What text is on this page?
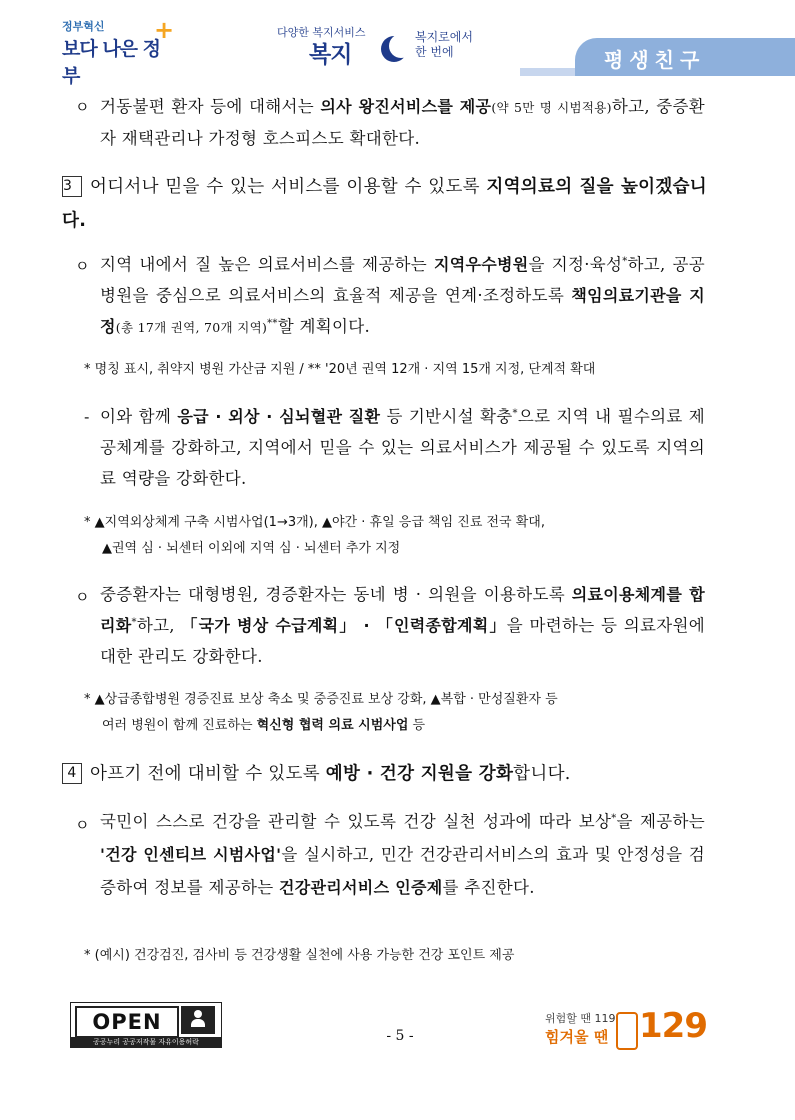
정부혁신
보다 나은 정부
+	다양한 복지서비스
복지
복지로에서 한 번에	평생친구
ㅇ 거동불편 환자 등에 대해서는 의사 왕진서비스를 제공(약 5만 명 시범적용)하고, 중증환자 재택관리나 가정형 호스피스도 확대한다.
3 어디서나 믿을 수 있는 서비스를 이용할 수 있도록 지역의료의 질을 높이겠습니다.
ㅇ 지역 내에서 질 높은 의료서비스를 제공하는 지역우수병원을 지정·육성*하고, 공공병원을 중심으로 의료서비스의 효율적 제공을 연계·조정하도록 책임의료기관을 지정(총 17개 권역, 70개 지역)**할 계획이다.
* 명칭 표시, 취약지 병원 가산금 지원 / ** '20년 권역 12개 · 지역 15개 지정, 단계적 확대
- 이와 함께 응급 · 외상 · 심뇌혈관 질환 등 기반시설 확충*으로 지역 내 필수의료 제공체계를 강화하고, 지역에서 믿을 수 있는 의료서비스가 제공될 수 있도록 지역의료 역량을 강화한다.
* ▲지역외상체계 구축 시범사업(1→3개), ▲야간 · 휴일 응급 책임 진료 전국 확대,
▲권역 심 · 뇌센터 이외에 지역 심 · 뇌센터 추가 지정
ㅇ 중증환자는 대형병원, 경증환자는 동네 병 · 의원을 이용하도록 의료이용체계를 합리화*하고, 「국가 병상 수급계획」 · 「인력종합계획」을 마련하는 등 의료자원에 대한 관리도 강화한다.
* ▲상급종합병원 경증진료 보상 축소 및 중증진료 보상 강화, ▲복합 · 만성질환자 등
여러 병원이 함께 진료하는 혁신형 협력 의료 시범사업 등
4 아프기 전에 대비할 수 있도록 예방 · 건강 지원을 강화합니다.
ㅇ 국민이 스스로 건강을 관리할 수 있도록 건강 실천 성과에 따라 보상*을 제공하는 '건강 인센티브 시범사업'을 실시하고, 민간 건강관리서비스의 효과 및 안정성을 검증하여 정보를 제공하는 건강관리서비스 인증제를 추진한다.
* (예시) 건강검진, 검사비 등 건강생활 실천에 사용 가능한 건강 포인트 제공
OPEN
공공누리 공공저작물 자유이용허락	- 5 -
위험할 땐 119
힘겨울 땐 129
